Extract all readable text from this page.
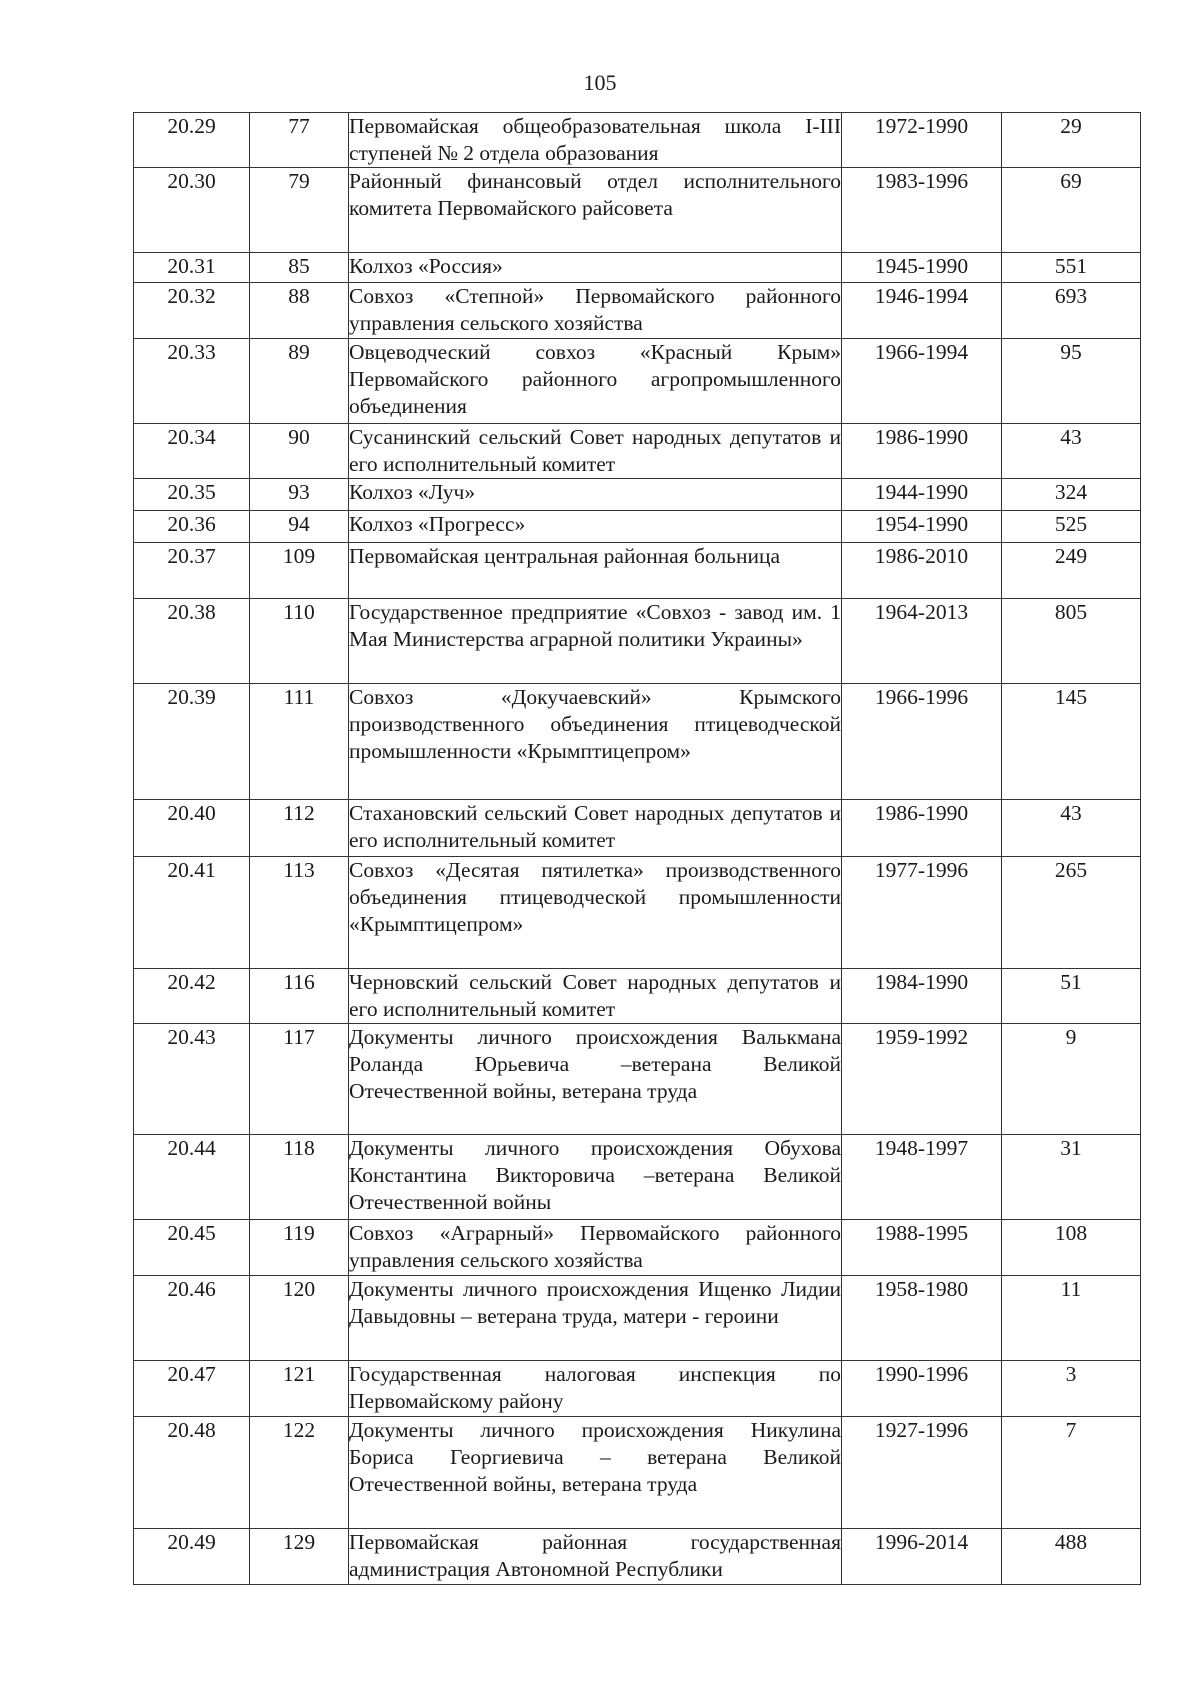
105
20.29	77	Первомайская общеобразовательная школа I-III ступеней № 2 отдела образования	1972-1990	29
20.30	79	Районный финансовый отдел исполнительного комитета Первомайского райсовета	1983-1996	69
20.31	85	Колхоз «Россия»	1945-1990	551
20.32	88	Совхоз «Степной» Первомайского районного управления сельского хозяйства	1946-1994	693
20.33	89	Овцеводческий совхоз «Красный Крым» Первомайского районного агропромышленного объединения	1966-1994	95
20.34	90	Сусанинский сельский Совет народных депутатов и его исполнительный комитет	1986-1990	43
20.35	93	Колхоз «Луч»	1944-1990	324
20.36	94	Колхоз «Прогресс»	1954-1990	525
20.37	109	Первомайская центральная районная больница	1986-2010	249
20.38	110	Государственное предприятие «Совхоз - завод им. 1 Мая Министерства аграрной политики Украины»	1964-2013	805
20.39	111	Совхоз «Докучаевский» Крымского производственного объединения птицеводческой промышленности «Крымптицепром»	1966-1996	145
20.40	112	Стахановский сельский Совет народных депутатов и его исполнительный комитет	1986-1990	43
20.41	113	Совхоз «Десятая пятилетка» производственного объединения птицеводческой промышленности «Крымптицепром»	1977-1996	265
20.42	116	Черновский сельский Совет народных депутатов и его исполнительный комитет	1984-1990	51
20.43	117	Документы личного происхождения Валькмана Роланда Юрьевича –ветерана Великой Отечественной войны, ветерана труда	1959-1992	9
20.44	118	Документы личного происхождения Обухова Константина Викторовича –ветерана Великой Отечественной войны	1948-1997	31
20.45	119	Совхоз «Аграрный» Первомайского районного управления сельского хозяйства	1988-1995	108
20.46	120	Документы личного происхождения Ищенко Лидии Давыдовны – ветерана труда, матери - героини	1958-1980	11
20.47	121	Государственная налоговая инспекция по Первомайскому району	1990-1996	3
20.48	122	Документы личного происхождения Никулина Бориса Георгиевича – ветерана Великой Отечественной войны, ветерана труда	1927-1996	7
20.49	129	Первомайская районная государственная администрация Автономной Республики	1996-2014	488
